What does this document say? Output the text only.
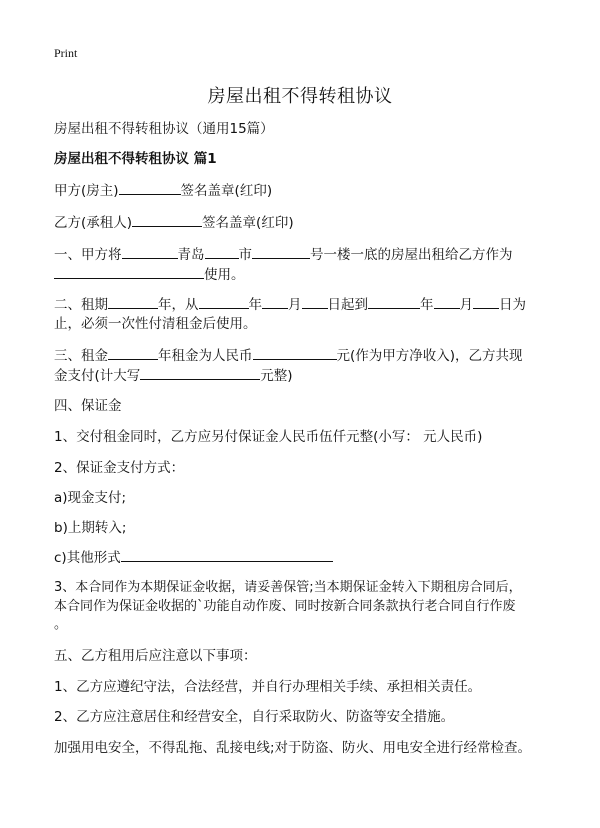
Print
房屋出租不得转租协议
房屋出租不得转租协议（通用15篇）
房屋出租不得转租协议 篇1
甲方(房主)	签名盖章(红印)
乙方(承租人)	签名盖章(红印)
一、甲方将	青岛	市	号一楼一底的房屋出租给乙方作为
使用。
二、租期	年，从	年 月 日起到	年 月 日为
止，必须一次性付清租金后使用。
三、租金	年租金为人民币	元(作为甲方净收入)，乙方共现
金支付(计大写	元整)
四、保证金
1、交付租金同时，乙方应另付保证金人民币伍仟元整(小写： 元人民币)
2、保证金支付方式：
a)现金支付;
b)上期转入;
c)其他形式
3、本合同作为本期保证金收据，请妥善保管;当本期保证金转入下期租房合同后，
本合同作为保证金收据的`功能自动作废、同时按新合同条款执行老合同自行作废
。
五、乙方租用后应注意以下事项：
1、乙方应遵纪守法，合法经营，并自行办理相关手续、承担相关责任。
2、乙方应注意居住和经营安全，自行采取防火、防盗等安全措施。
加强用电安全，不得乱拖、乱接电线;对于防盗、防火、用电安全进行经常检查。
